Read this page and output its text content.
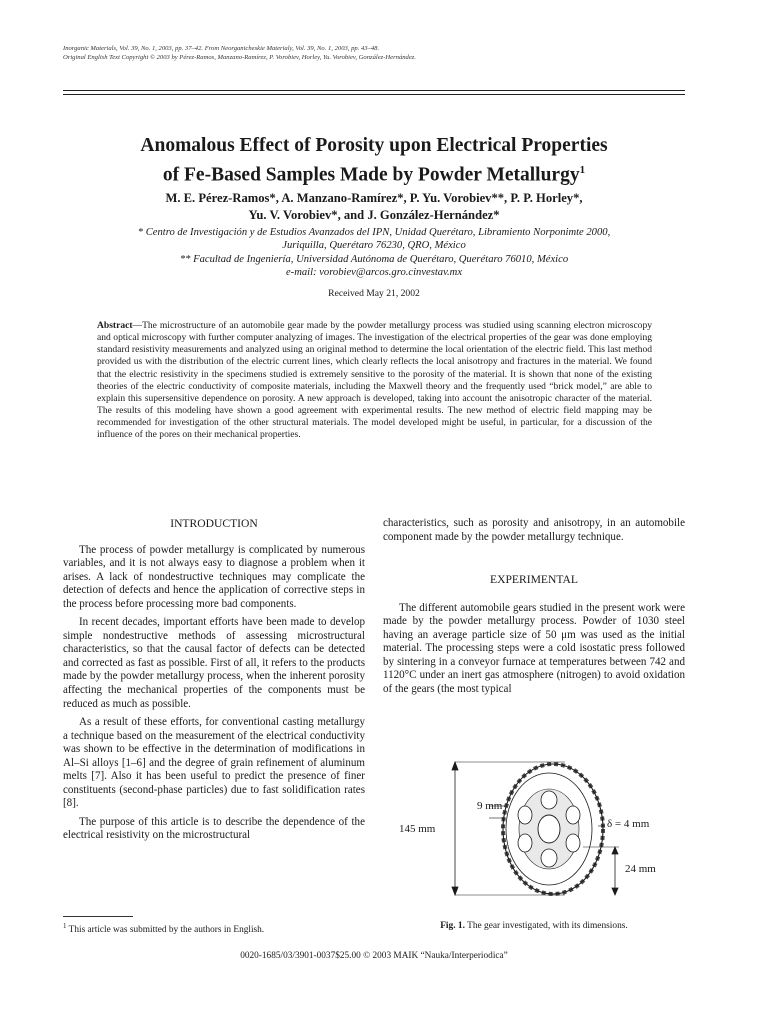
Inorganic Materials, Vol. 39, No. 1, 2003, pp. 37–42. From Neorganicheskie Materialy, Vol. 39, No. 1, 2003, pp. 43–48.
Original English Text Copyright © 2003 by Pérez-Ramos, Manzano-Ramírez, P. Vorobiev, Horley, Yu. Vorobiev, González-Hernández.
Anomalous Effect of Porosity upon Electrical Properties
of Fe-Based Samples Made by Powder Metallurgy$^1$
M. E. Pérez-Ramos*, A. Manzano-Ramírez*, P. Yu. Vorobiev**, P. P. Horley*,
Yu. V. Vorobiev*, and J. González-Hernández*
* Centro de Investigación y de Estudios Avanzados del IPN, Unidad Querétaro, Libramiento Norponimte 2000,
Juriquilla, Querétaro 76230, QRO, México
** Facultad de Ingeniería, Universidad Autónoma de Querétaro, Querétaro 76010, México
e-mail: vorobiev@arcos.gro.cinvestav.mx
Received May 21, 2002
Abstract—The microstructure of an automobile gear made by the powder metallurgy process was studied using scanning electron microscopy and optical microscopy with further computer analyzing of images. The investigation of the electrical properties of the gear was done employing standard resistivity measurements and analyzed using an original method to determine the local orientation of the electric field. This last method provided us with the distribution of the electric current lines, which clearly reflects the local anisotropy and fractures in the material. We found that the electric resistivity in the specimens studied is extremely sensitive to the porosity of the material. It is shown that none of the existing theories of the electric conductivity of composite materials, including the Maxwell theory and the frequently used “brick model,” are able to explain this supersensitive dependence on porosity. A new approach is developed, taking into account the anisotropic character of the material. The results of this modeling have shown a good agreement with experimental results. The new method of electric field mapping may be recommended for investigation of the other structural materials. The model developed might be useful, in particular, for a discussion of the influence of the pores on their mechanical properties.

INTRODUCTION

The process of powder metallurgy is complicated by numerous variables, and it is not always easy to diagnose a problem when it arises. A lack of nondestructive techniques may complicate the detection of defects and hence the application of corrective steps in the process before processing more bad components.

In recent decades, important efforts have been made to develop simple nondestructive methods of assessing microstructural characteristics, so that the causal factor of defects can be detected and corrected as fast as possible. First of all, it refers to the products made by the powder metallurgy process, when the inherent porosity affecting the mechanical properties of the components must be reduced as much as possible.

As a result of these efforts, for conventional casting metallurgy a technique based on the measurement of the electrical conductivity was shown to be effective in the determination of modifications in Al–Si alloys [1–6] and the degree of grain refinement of aluminum melts [7]. Also it has been useful to predict the presence of finer constituents (second-phase particles) due to fast solidification rates [8].

The purpose of this article is to describe the dependence of the electrical resistivity on the microstructural

characteristics, such as porosity and anisotropy, in an automobile component made by the powder metallurgy technique.

EXPERIMENTAL

The different automobile gears studied in the present work were made by the powder metallurgy process. Powder of 1030 steel having an average particle size of 50 μm was used as the initial material. The processing steps were a cold isostatic press followed by sintering in a conveyor furnace at temperatures between 742 and 1120°C under an inert gas atmosphere (nitrogen) to avoid oxidation of the gears (the most typical

145 mm
9 mm
δ = 4 mm
24 mm
$^1$ This article was submitted by the authors in English.	Fig. 1. The gear investigated, with its dimensions.
0020-1685/03/3901-0037$25.00 © 2003 MAIK “Nauka/Interperiodica”
